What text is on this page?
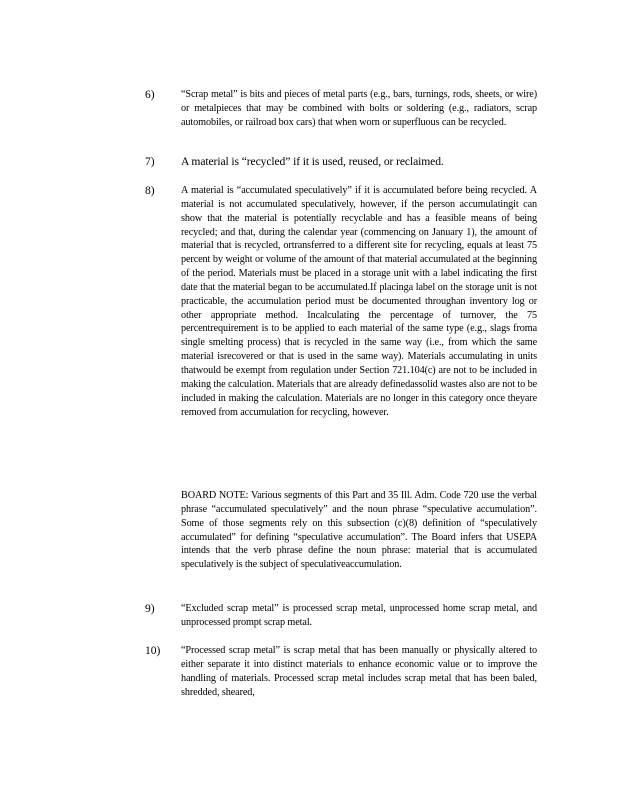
6)	“Scrap metal” is bits and pieces of metal parts (e.g., bars, turnings, rods, sheets, or wire) or metalpieces that may be combined with bolts or soldering (e.g., radiators, scrap automobiles, or railroad box cars) that when worn or superfluous can be recycled.

7) A material is “recycled” if it is used, reused, or reclaimed.

8)	A material is “accumulated speculatively” if it is accumulated before being recycled. A material is not accumulated speculatively, however, if the person accumulatingit can show that the material is potentially recyclable and has a feasible means of being recycled; and that, during the calendar year (commencing on January 1), the amount of material that is recycled, ortransferred to a different site for recycling, equals at least 75 percent by weight or volume of the amount of that material accumulated at the beginning of the period. Materials must be placed in a storage unit with a label indicating the first date that the material began to be accumulated.If placinga label on the storage unit is not practicable, the accumulation period must be documented throughan inventory log or other appropriate method. Incalculating the percentage of turnover, the 75 percentrequirement is to be applied to each material of the same type (e.g., slags froma single smelting process) that is recycled in the same way (i.e., from which the same material isrecovered or that is used in the same way). Materials accumulating in units thatwould be exempt from regulation under Section 721.104(c) are not to be included in making the calculation. Materials that are already definedassolid wastes also are not to be included in making the calculation. Materials are no longer in this category once theyare removed from accumulation for recycling, however.

BOARD NOTE: Various segments of this Part and 35 Ill. Adm. Code 720 use the verbal phrase “accumulated speculatively” and the noun phrase “speculative accumulation”. Some of those segments rely on this subsection (c)(8) definition of “speculatively accumulated” for defining “speculative accumulation”. The Board infers that USEPA intends that the verb phrase define the noun phrase: material that is accumulated speculatively is the subject of speculativeaccumulation.

9)	“Excluded scrap metal” is processed scrap metal, unprocessed home scrap metal, and unprocessed prompt scrap metal.

10) “Processed scrap metal” is scrap metal that has been manually or physically altered to either separate it into distinct materials to enhance economic value or to improve the handling of materials. Processed scrap metal includes scrap metal that has been baled, shredded, sheared,
